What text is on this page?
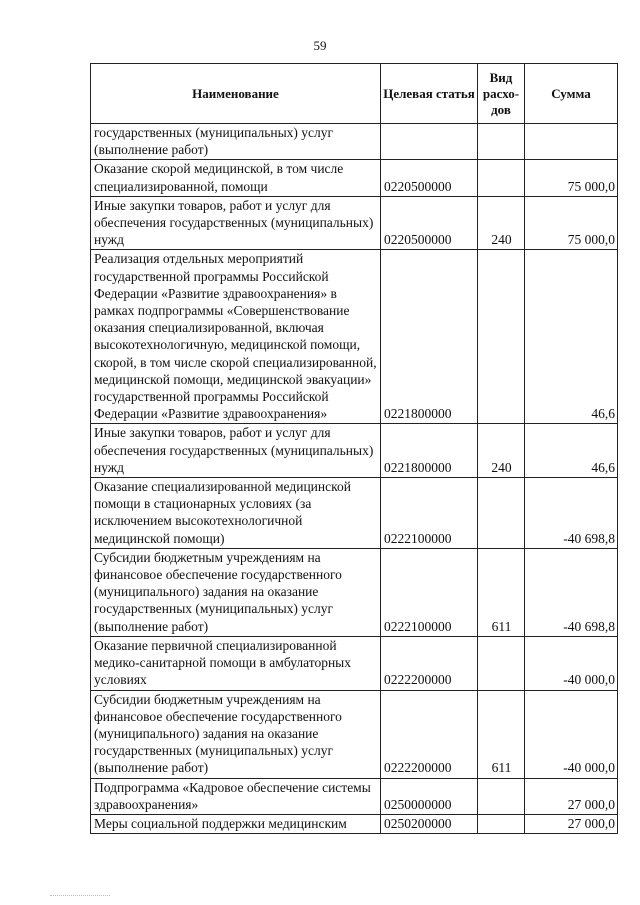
59
Наименование	Целевая статья	Вид расхо-дов	Сумма
государственных (муниципальных) услуг (выполнение работ)			
Оказание скорой медицинской, в том числе специализированной, помощи	0220500000		75 000,0
Иные закупки товаров, работ и услуг для обеспечения государственных (муниципальных) нужд	0220500000	240	75 000,0
Реализация отдельных мероприятий государственной программы Российской Федерации «Развитие здравоохранения» в рамках подпрограммы «Совершенствование оказания специализированной, включая высокотехнологичную, медицинской помощи, скорой, в том числе скорой специализированной, медицинской помощи, медицинской эвакуации» государственной программы Российской Федерации «Развитие здравоохранения»	0221800000		46,6
Иные закупки товаров, работ и услуг для обеспечения государственных (муниципальных) нужд	0221800000	240	46,6
Оказание специализированной медицинской помощи в стационарных условиях (за исключением высокотехнологичной медицинской помощи)	0222100000		-40 698,8
Субсидии бюджетным учреждениям на финансовое обеспечение государственного (муниципального) задания на оказание государственных (муниципальных) услуг (выполнение работ)	0222100000	611	-40 698,8
Оказание первичной специализированной медико-санитарной помощи в амбулаторных условиях	0222200000		-40 000,0
Субсидии бюджетным учреждениям на финансовое обеспечение государственного (муниципального) задания на оказание государственных (муниципальных) услуг (выполнение работ)	0222200000	611	-40 000,0
Подпрограмма «Кадровое обеспечение системы здравоохранения»	0250000000		27 000,0
Меры социальной поддержки медицинским	0250200000		27 000,0
